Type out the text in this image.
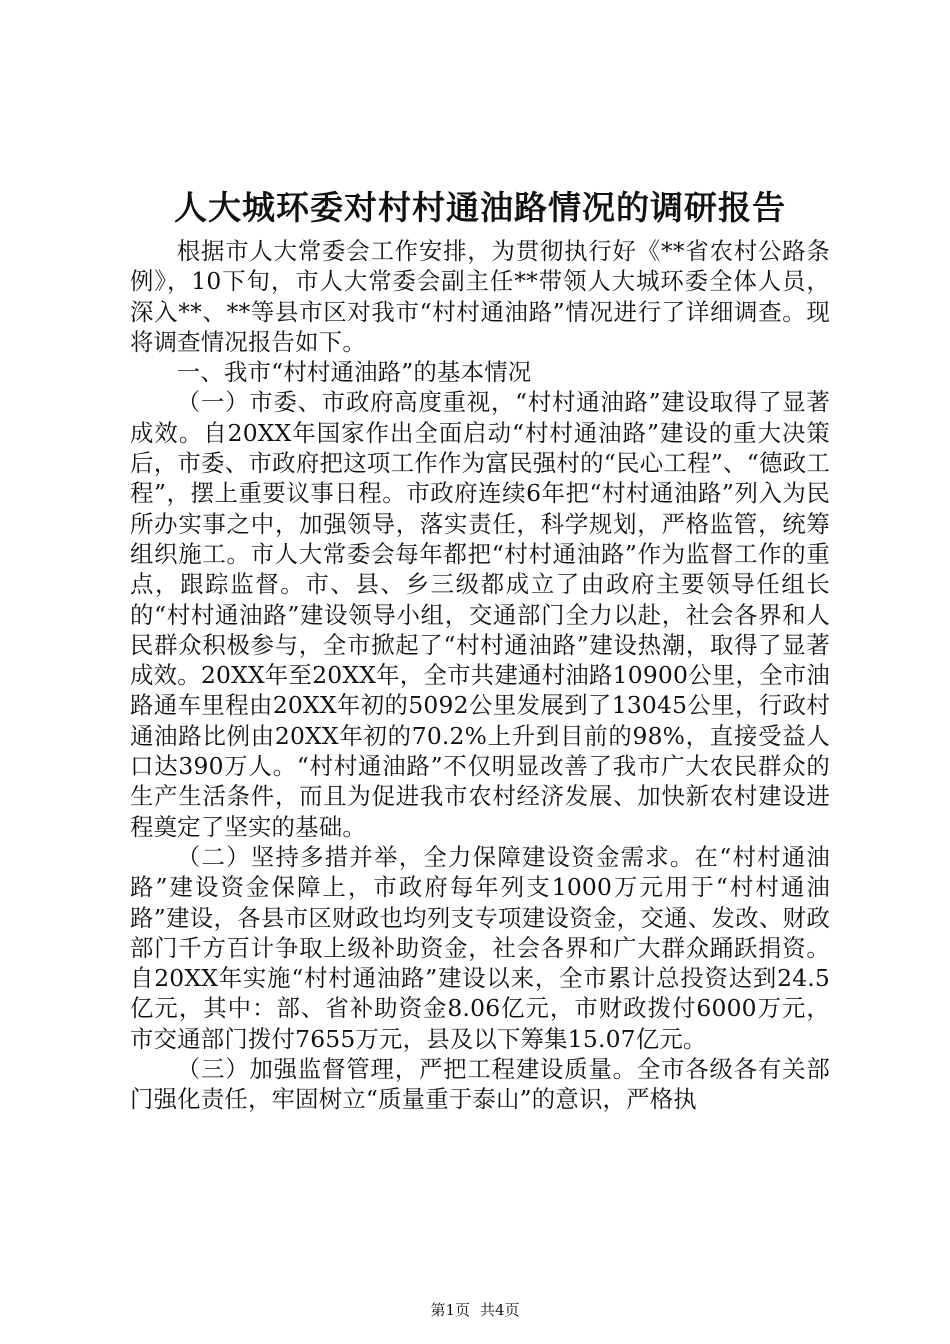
人大城环委对村村通油路情况的调研报告

根据市人大常委会工作安排，为贯彻执行好《**省农村公路条例》，10下旬，市人大常委会副主任**带领人大城环委全体人员，深入**、**等县市区对我市“村村通油路”情况进行了详细调查。现将调查情况报告如下。

一、我市“村村通油路”的基本情况

（一）市委、市政府高度重视，“村村通油路”建设取得了显著成效。自20XX年国家作出全面启动“村村通油路”建设的重大决策后，市委、市政府把这项工作作为富民强村的“民心工程”、“德政工程”，摆上重要议事日程。市政府连续6年把“村村通油路”列入为民所办实事之中，加强领导，落实责任，科学规划，严格监管，统筹组织施工。市人大常委会每年都把“村村通油路”作为监督工作的重点，跟踪监督。市、县、乡三级都成立了由政府主要领导任组长的“村村通油路”建设领导小组，交通部门全力以赴，社会各界和人民群众积极参与，全市掀起了“村村通油路”建设热潮，取得了显著成效。20XX年至20XX年，全市共建通村油路10900公里，全市油路通车里程由20XX年初的5092公里发展到了13045公里，行政村通油路比例由20XX年初的70.2%上升到目前的98%，直接受益人口达390万人。“村村通油路”不仅明显改善了我市广大农民群众的生产生活条件，而且为促进我市农村经济发展、加快新农村建设进程奠定了坚实的基础。

（二）坚持多措并举，全力保障建设资金需求。在“村村通油路”建设资金保障上，市政府每年列支1000万元用于“村村通油路”建设，各县市区财政也均列支专项建设资金，交通、发改、财政部门千方百计争取上级补助资金，社会各界和广大群众踊跃捐资。自20XX年实施“村村通油路”建设以来，全市累计总投资达到24.5亿元，其中：部、省补助资金8.06亿元，市财政拨付6000万元，市交通部门拨付7655万元，县及以下筹集15.07亿元。

（三）加强监督管理，严把工程建设质量。全市各级各有关部门强化责任，牢固树立“质量重于泰山”的意识，严格执

第1页 共4页
